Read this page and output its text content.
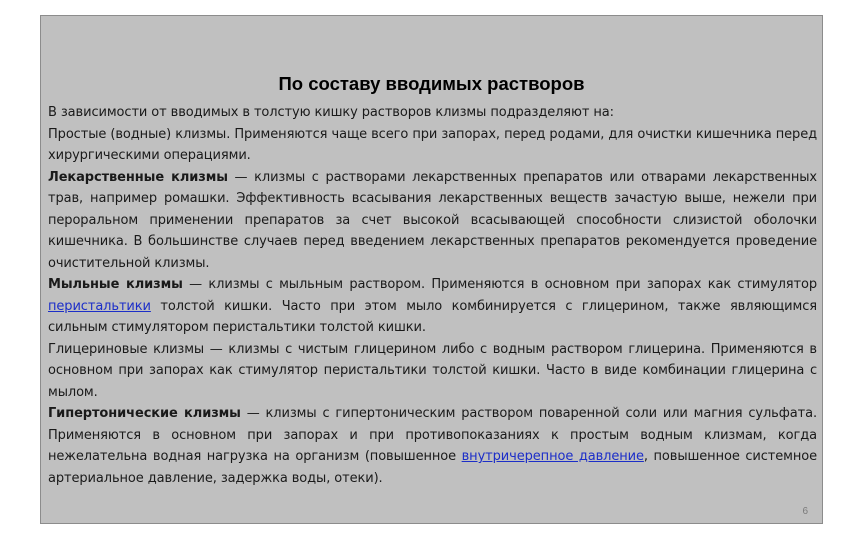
По составу вводимых растворов

В зависимости от вводимых в толстую кишку растворов клизмы подразделяют на:

Простые (водные) клизмы. Применяются чаще всего при запорах, перед родами, для очистки кишечника перед хирургическими операциями.

Лекарственные клизмы — клизмы с растворами лекарственных препаратов или отварами лекарственных трав, например ромашки. Эффективность всасывания лекарственных веществ зачастую выше, нежели при пероральном применении препаратов за счет высокой всасывающей способности слизистой оболочки кишечника. В большинстве случаев перед введением лекарственных препаратов рекомендуется проведение очистительной клизмы.

Мыльные клизмы — клизмы с мыльным раствором. Применяются в основном при запорах как стимулятор перистальтики толстой кишки. Часто при этом мыло комбинируется с глицерином, также являющимся сильным стимулятором перистальтики толстой кишки.

Глицериновые клизмы — клизмы с чистым глицерином либо с водным раствором глицерина. Применяются в основном при запорах как стимулятор перистальтики толстой кишки. Часто в виде комбинации глицерина с мылом.

Гипертонические клизмы — клизмы с гипертоническим раствором поваренной соли или магния сульфата. Применяются в основном при запорах и при противопоказаниях к простым водным клизмам, когда нежелательна водная нагрузка на организм (повышенное внутричерепное давление, повышенное системное артериальное давление, задержка воды, отеки).

6
